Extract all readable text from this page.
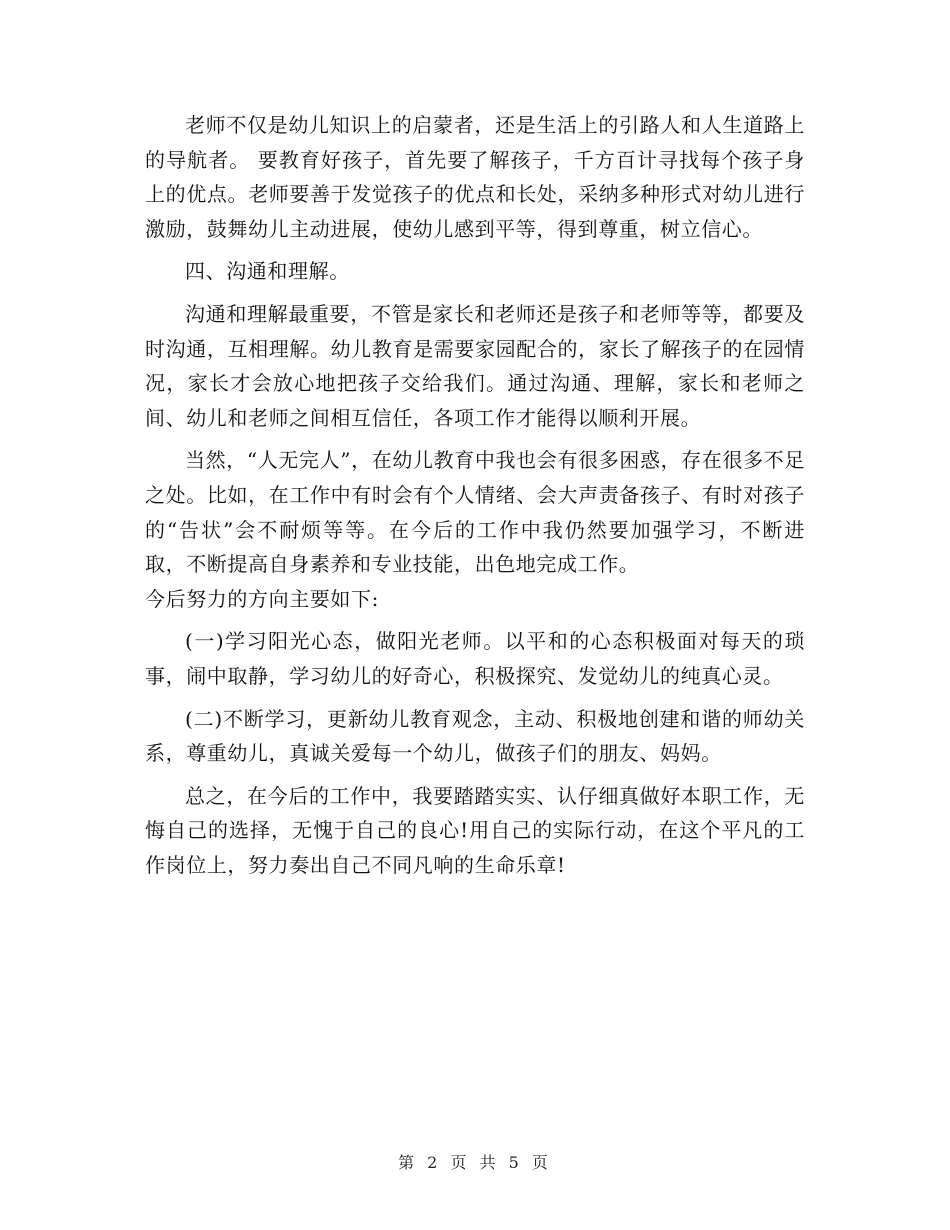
老师不仅是幼儿知识上的启蒙者，还是生活上的引路人和人生道路上的导航者。 要教育好孩子，首先要了解孩子，千方百计寻找每个孩子身上的优点。老师要善于发觉孩子的优点和长处，采纳多种形式对幼儿进行激励，鼓舞幼儿主动进展，使幼儿感到平等，得到尊重，树立信心。

四、沟通和理解。

沟通和理解最重要，不管是家长和老师还是孩子和老师等等，都要及时沟通，互相理解。幼儿教育是需要家园配合的，家长了解孩子的在园情况，家长才会放心地把孩子交给我们。通过沟通、理解，家长和老师之间、幼儿和老师之间相互信任，各项工作才能得以顺利开展。

当然，“人无完人”，在幼儿教育中我也会有很多困惑，存在很多不足之处。比如，在工作中有时会有个人情绪、会大声责备孩子、有时对孩子的“告状”会不耐烦等等。在今后的工作中我仍然要加强学习，不断进取，不断提高自身素养和专业技能，出色地完成工作。

今后努力的方向主要如下:

(一)学习阳光心态，做阳光老师。以平和的心态积极面对每天的琐事，闹中取静，学习幼儿的好奇心，积极探究、发觉幼儿的纯真心灵。

(二)不断学习，更新幼儿教育观念，主动、积极地创建和谐的师幼关系，尊重幼儿，真诚关爱每一个幼儿，做孩子们的朋友、妈妈。

总之，在今后的工作中，我要踏踏实实、认仔细真做好本职工作，无悔自己的选择，无愧于自己的良心!用自己的实际行动，在这个平凡的工作岗位上，努力奏出自己不同凡响的生命乐章!

第 2 页 共 5 页
